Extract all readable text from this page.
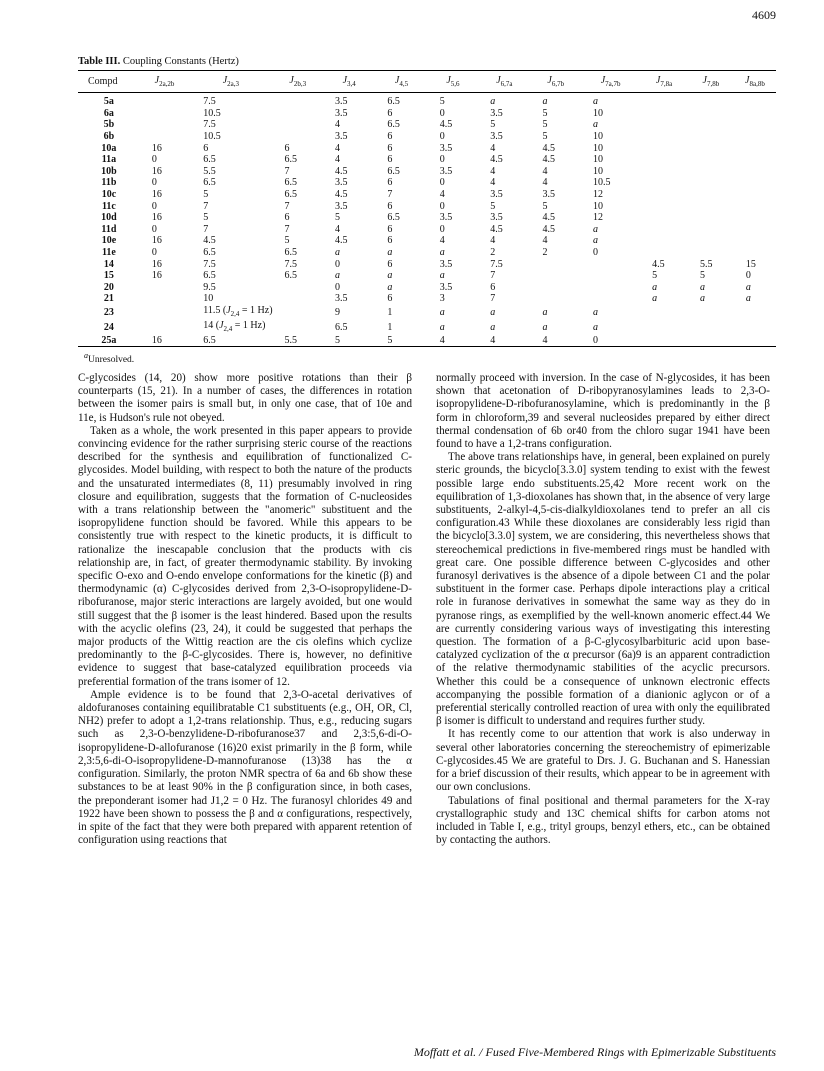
4609
Table III. Coupling Constants (Hertz)
Compd	$J_{2a,2b}$	$J_{2a,3}$	$J_{2b,3}$	$J_{3,4}$	$J_{4,5}$	$J_{5,6}$	$J_{6,7a}$	$J_{6,7b}$	$J_{7a,7b}$	$J_{7,8a}$	$J_{7,8b}$	$J_{8a,8b}$
5a		7.5		3.5	6.5	5	a	a	a			
6a		10.5		3.5	6	0	3.5	5	10			
5b		7.5		4	6.5	4.5	5	5	a			
6b		10.5		3.5	6	0	3.5	5	10			
10a	16	6	6	4	6	3.5	4	4.5	10			
11a	0	6.5	6.5	4	6	0	4.5	4.5	10			
10b	16	5.5	7	4.5	6.5	3.5	4	4	10			
11b	0	6.5	6.5	3.5	6	0	4	4	10.5			
10c	16	5	6.5	4.5	7	4	3.5	3.5	12			
11c	0	7	7	3.5	6	0	5	5	10			
10d	16	5	6	5	6.5	3.5	3.5	4.5	12			
11d	0	7	7	4	6	0	4.5	4.5	a			
10e	16	4.5	5	4.5	6	4	4	4	a			
11e	0	6.5	6.5	a	a	a	2	2	0			
14	16	7.5	7.5	0	6	3.5	7.5			4.5	5.5	15
15	16	6.5	6.5	a	a	a	7			5	5	0
20		9.5		0	a	3.5	6			a	a	a
21		10		3.5	6	3	7			a	a	a
23		11.5 ($J_{2,4} = 1$ Hz)		9	1	a	a	a	a			
24		14 ($J_{2,4} = 1$ Hz)		6.5	1	a	a	a	a			
25a	16	6.5	5.5	5	5	4	4	4	0			
$^a$Unresolved.

C-glycosides (14, 20) show more positive rotations than their β counterparts (15, 21). In a number of cases, the differences in rotation between the isomer pairs is small but, in only one case, that of 10e and 11e, is Hudson's rule not obeyed.

Taken as a whole, the work presented in this paper appears to provide convincing evidence for the rather surprising steric course of the reactions described for the synthesis and equilibration of functionalized C-glycosides. Model building, with respect to both the nature of the products and the unsaturated intermediates (8, 11) presumably involved in ring closure and equilibration, suggests that the formation of C-nucleosides with a trans relationship between the "anomeric" substituent and the isopropylidene function should be favored. While this appears to be consistently true with respect to the kinetic products, it is difficult to rationalize the inescapable conclusion that the products with cis relationship are, in fact, of greater thermodynamic stability. By invoking specific O-exo and O-endo envelope conformations for the kinetic (β) and thermodynamic (α) C-glycosides derived from 2,3-O-isopropylidene-D-ribofuranose, major steric interactions are largely avoided, but one would still suggest that the β isomer is the least hindered. Based upon the results with the acyclic olefins (23, 24), it could be suggested that perhaps the major products of the Wittig reaction are the cis olefins which cyclize predominantly to the β-C-glycosides. There is, however, no definitive evidence to suggest that base-catalyzed equilibration proceeds via preferential formation of the trans isomer of 12.

Ample evidence is to be found that 2,3-O-acetal derivatives of aldofuranoses containing equilibratable C1 substituents (e.g., OH, OR, Cl, NH2) prefer to adopt a 1,2-trans relationship. Thus, e.g., reducing sugars such as 2,3-O-benzylidene-D-ribofuranose37 and 2,3:5,6-di-O-isopropylidene-D-allofuranose (16)20 exist primarily in the β form, while 2,3:5,6-di-O-isopropylidene-D-mannofuranose (13)38 has the α configuration. Similarly, the proton NMR spectra of 6a and 6b show these substances to be at least 90% in the β configuration since, in both cases, the preponderant isomer had J1,2 = 0 Hz. The furanosyl chlorides 49 and 1922 have been shown to possess the β and α configurations, respectively, in spite of the fact that they were both prepared with apparent retention of configuration using reactions that

normally proceed with inversion. In the case of N-glycosides, it has been shown that acetonation of D-ribopyranosylamines leads to 2,3-O-isopropylidene-D-ribofuranosylamine, which is predominantly in the β form in chloroform,39 and several nucleosides prepared by either direct thermal condensation of 6b or40 from the chloro sugar 1941 have been found to have a 1,2-trans configuration.

The above trans relationships have, in general, been explained on purely steric grounds, the bicyclo[3.3.0] system tending to exist with the fewest possible large endo substituents.25,42 More recent work on the equilibration of 1,3-dioxolanes has shown that, in the absence of very large substituents, 2-alkyl-4,5-cis-dialkyldioxolanes tend to prefer an all cis configuration.43 While these dioxolanes are considerably less rigid than the bicyclo[3.3.0] system, we are considering, this nevertheless shows that stereochemical predictions in five-membered rings must be handled with great care. One possible difference between C-glycosides and other furanosyl derivatives is the absence of a dipole between C1 and the polar substituent in the former case. Perhaps dipole interactions play a critical role in furanose derivatives in somewhat the same way as they do in pyranose rings, as exemplified by the well-known anomeric effect.44 We are currently considering various ways of investigating this interesting question. The formation of a β-C-glycosylbarbituric acid upon base-catalyzed cyclization of the α precursor (6a)9 is an apparent contradiction of the relative thermodynamic stabilities of the acyclic precursors. Whether this could be a consequence of unknown electronic effects accompanying the possible formation of a dianionic aglycon or of a preferential sterically controlled reaction of urea with only the equilibrated β isomer is difficult to understand and requires further study.

It has recently come to our attention that work is also underway in several other laboratories concerning the stereochemistry of epimerizable C-glycosides.45 We are grateful to Drs. J. G. Buchanan and S. Hanessian for a brief discussion of their results, which appear to be in agreement with our own conclusions.

Tabulations of final positional and thermal parameters for the X-ray crystallographic study and 13C chemical shifts for carbon atoms not included in Table I, e.g., trityl groups, benzyl ethers, etc., can be obtained by contacting the authors.

Moffatt et al. / Fused Five-Membered Rings with Epimerizable Substituents
